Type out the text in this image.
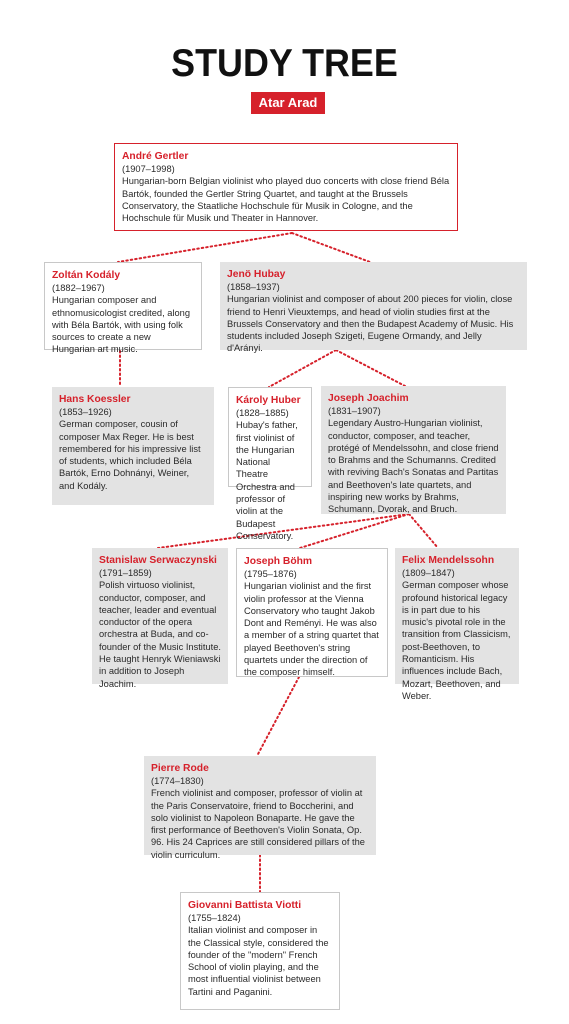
STUDY TREE
Atar Arad
André Gertler
(1907–1998)
Hungarian-born Belgian violinist who played duo concerts with close friend Béla Bartók, founded the Gertler String Quartet, and taught at the Brussels Conservatory, the Staatliche Hochschule für Musik in Cologne, and the Hochschule für Musik und Theater in Hannover.
Zoltán Kodály
(1882–1967)
Hungarian composer and ethnomusicologist credited, along with Béla Bartók, with using folk sources to create a new Hungarian art music.
Jenö Hubay
(1858–1937)
Hungarian violinist and composer of about 200 pieces for violin, close friend to Henri Vieuxtemps, and head of violin studies first at the Brussels Conservatory and then the Budapest Academy of Music. His students included Joseph Szigeti, Eugene Ormandy, and Jelly d'Arányi.
Hans Koessler
(1853–1926)
German composer, cousin of composer Max Reger. He is best remembered for his impressive list of students, which included Béla Bartók, Erno Dohnányi, Weiner, and Kodály.
Károly Huber
(1828–1885)
Hubay's father, first violinist of the Hungarian National Theatre Orchestra and professor of violin at the Budapest Conservatory.
Joseph Joachim
(1831–1907)
Legendary Austro-Hungarian violinist, conductor, composer, and teacher, protégé of Mendelssohn, and close friend to Brahms and the Schumanns. Credited with reviving Bach's Sonatas and Partitas and Beethoven's late quartets, and inspiring new works by Brahms, Schumann, Dvorak, and Bruch.
Stanislaw Serwaczynski
(1791–1859)
Polish virtuoso violinist, conductor, composer, and teacher, leader and eventual conductor of the opera orchestra at Buda, and co-founder of the Music Institute. He taught Henryk Wieniawski in addition to Joseph Joachim.
Joseph Böhm
(1795–1876)
Hungarian violinist and the first violin professor at the Vienna Conservatory who taught Jakob Dont and Reményi. He was also a member of a string quartet that played Beethoven's string quartets under the direction of the composer himself.
Felix Mendelssohn
(1809–1847)
German composer whose profound historical legacy is in part due to his music's pivotal role in the transition from Classicism, post-Beethoven, to Romanticism. His influences include Bach, Mozart, Beethoven, and Weber.
Pierre Rode
(1774–1830)
French violinist and composer, professor of violin at the Paris Conservatoire, friend to Boccherini, and solo violinist to Napoleon Bonaparte. He gave the first performance of Beethoven's Violin Sonata, Op. 96. His 24 Caprices are still considered pillars of the violin curriculum.
Giovanni Battista Viotti
(1755–1824)
Italian violinist and composer in the Classical style, considered the founder of the "modern" French School of violin playing, and the most influential violinist between Tartini and Paganini.
